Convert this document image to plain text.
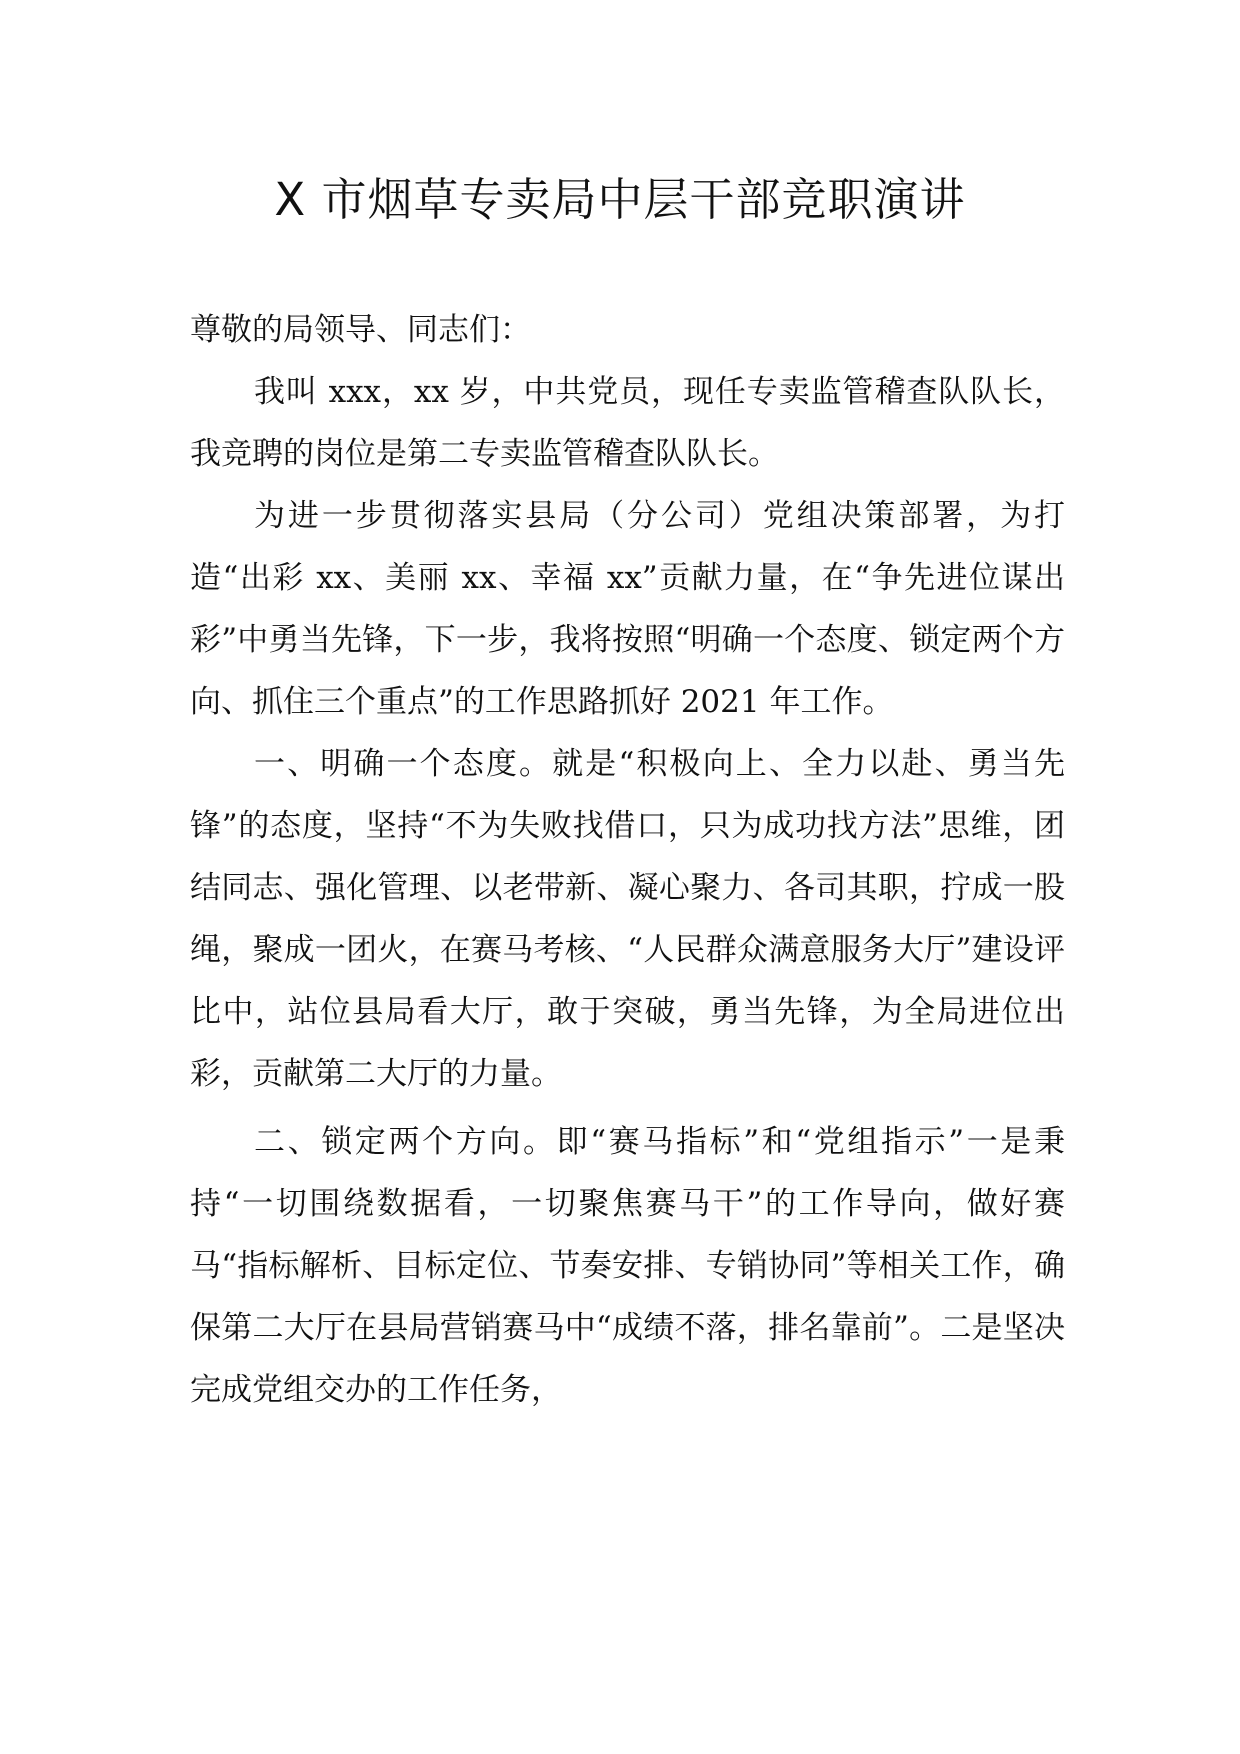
X 市烟草专卖局中层干部竞职演讲

尊敬的局领导、同志们：

我叫 xxx，xx 岁，中共党员，现任专卖监管稽查队队长，我竞聘的岗位是第二专卖监管稽查队队长。

为进一步贯彻落实县局（分公司）党组决策部署，为打造“出彩 xx、美丽 xx、幸福 xx”贡献力量，在“争先进位谋出彩”中勇当先锋，下一步，我将按照“明确一个态度、锁定两个方向、抓住三个重点”的工作思路抓好 2021 年工作。

一、明确一个态度。就是“积极向上、全力以赴、勇当先锋”的态度，坚持“不为失败找借口，只为成功找方法”思维，团结同志、强化管理、以老带新、凝心聚力、各司其职，拧成一股绳，聚成一团火，在赛马考核、“人民群众满意服务大厅”建设评比中，站位县局看大厅，敢于突破，勇当先锋，为全局进位出彩，贡献第二大厅的力量。

二、锁定两个方向。即“赛马指标”和“党组指示”一是秉持“一切围绕数据看，一切聚焦赛马干”的工作导向，做好赛马“指标解析、目标定位、节奏安排、专销协同”等相关工作，确保第二大厅在县局营销赛马中“成绩不落，排名靠前”。二是坚决完成党组交办的工作任务，
